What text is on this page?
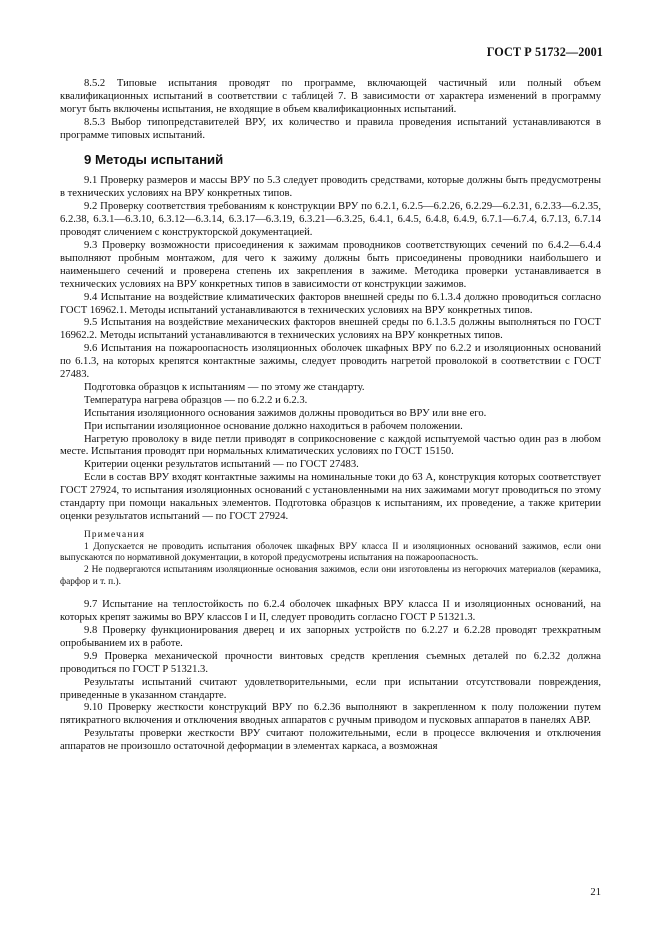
ГОСТ Р 51732—2001

8.5.2 Типовые испытания проводят по программе, включающей частичный или полный объем квалификационных испытаний в соответствии с таблицей 7. В зависимости от характера изменений в программу могут быть включены испытания, не входящие в объем квалификационных испытаний.

8.5.3 Выбор типопредставителей ВРУ, их количество и правила проведения испытаний устанавливаются в программе типовых испытаний.

9 Методы испытаний

9.1 Проверку размеров и массы ВРУ по 5.3 следует проводить средствами, которые должны быть предусмотрены в технических условиях на ВРУ конкретных типов.

9.2 Проверку соответствия требованиям к конструкции ВРУ по 6.2.1, 6.2.5—6.2.26, 6.2.29—6.2.31, 6.2.33—6.2.35, 6.2.38, 6.3.1—6.3.10, 6.3.12—6.3.14, 6.3.17—6.3.19, 6.3.21—6.3.25, 6.4.1, 6.4.5, 6.4.8, 6.4.9, 6.7.1—6.7.4, 6.7.13, 6.7.14 проводят сличением с конструкторской документацией.

9.3 Проверку возможности присоединения к зажимам проводников соответствующих сечений по 6.4.2—6.4.4 выполняют пробным монтажом, для чего к зажиму должны быть присоединены проводники наибольшего и наименьшего сечений и проверена степень их закрепления в зажиме. Методика проверки устанавливается в технических условиях на ВРУ конкретных типов в зависимости от конструкции зажимов.

9.4 Испытание на воздействие климатических факторов внешней среды по 6.1.3.4 должно проводиться согласно ГОСТ 16962.1. Методы испытаний устанавливаются в технических условиях на ВРУ конкретных типов.

9.5 Испытания на воздействие механических факторов внешней среды по 6.1.3.5 должны выполняться по ГОСТ 16962.2. Методы испытаний устанавливаются в технических условиях на ВРУ конкретных типов.

9.6 Испытания на пожароопасность изоляционных оболочек шкафных ВРУ по 6.2.2 и изоляционных оснований по 6.1.3, на которых крепятся контактные зажимы, следует проводить нагретой проволокой в соответствии с ГОСТ 27483.

Подготовка образцов к испытаниям — по этому же стандарту.

Температура нагрева образцов — по 6.2.2 и 6.2.3.

Испытания изоляционного основания зажимов должны проводиться во ВРУ или вне его.

При испытании изоляционное основание должно находиться в рабочем положении.

Нагретую проволоку в виде петли приводят в соприкосновение с каждой испытуемой частью один раз в любом месте. Испытания проводят при нормальных климатических условиях по ГОСТ 15150.

Критерии оценки результатов испытаний — по ГОСТ 27483.

Если в состав ВРУ входят контактные зажимы на номинальные токи до 63 А, конструкция которых соответствует ГОСТ 27924, то испытания изоляционных оснований с установленными на них зажимами могут проводиться по этому стандарту при помощи накальных элементов. Подготовка образцов к испытаниям, их проведение, а также критерии оценки результатов испытаний — по ГОСТ 27924.

Примечания

1 Допускается не проводить испытания оболочек шкафных ВРУ класса II и изоляционных оснований зажимов, если они выпускаются по нормативной документации, в которой предусмотрены испытания на пожароопасность.

2 Не подвергаются испытаниям изоляционные основания зажимов, если они изготовлены из негорючих материалов (керамика, фарфор и т. п.).

9.7 Испытание на теплостойкость по 6.2.4 оболочек шкафных ВРУ класса II и изоляционных оснований, на которых крепят зажимы во ВРУ классов I и II, следует проводить согласно ГОСТ Р 51321.3.

9.8 Проверку функционирования дверец и их запорных устройств по 6.2.27 и 6.2.28 проводят трехкратным опробыванием их в работе.

9.9 Проверка механической прочности винтовых средств крепления съемных деталей по 6.2.32 должна проводиться по ГОСТ Р 51321.3.

Результаты испытаний считают удовлетворительными, если при испытании отсутствовали повреждения, приведенные в указанном стандарте.

9.10 Проверку жесткости конструкций ВРУ по 6.2.36 выполняют в закрепленном к полу положении путем пятикратного включения и отключения вводных аппаратов с ручным приводом и пусковых аппаратов в панелях АВР.

Результаты проверки жесткости ВРУ считают положительными, если в процессе включения и отключения аппаратов не произошло остаточной деформации в элементах каркаса, а возможная

21
